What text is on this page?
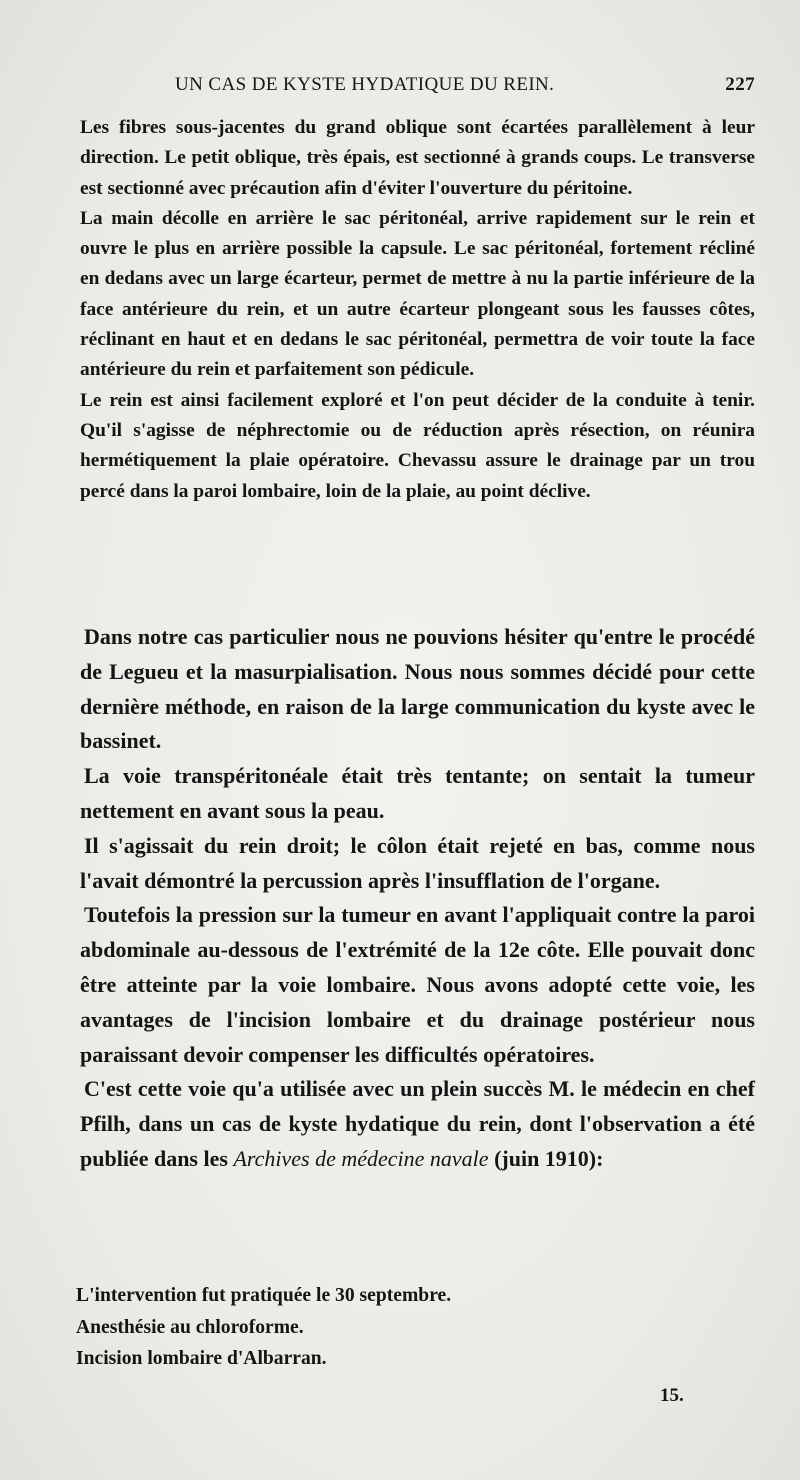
UN CAS DE KYSTE HYDATIQUE DU REIN.	227

Les fibres sous-jacentes du grand oblique sont écartées parallèlement à leur direction. Le petit oblique, très épais, est sectionné à grands coups. Le transverse est sectionné avec précaution afin d'éviter l'ouverture du péritoine.

La main décolle en arrière le sac péritonéal, arrive rapidement sur le rein et ouvre le plus en arrière possible la capsule. Le sac péritonéal, fortement récliné en dedans avec un large écarteur, permet de mettre à nu la partie inférieure de la face antérieure du rein, et un autre écarteur plongeant sous les fausses côtes, réclinant en haut et en dedans le sac péritonéal, permettra de voir toute la face antérieure du rein et parfaitement son pédicule.

Le rein est ainsi facilement exploré et l'on peut décider de la conduite à tenir. Qu'il s'agisse de néphrectomie ou de réduction après résection, on réunira hermétiquement la plaie opératoire. Chevassu assure le drainage par un trou percé dans la paroi lombaire, loin de la plaie, au point déclive.

Dans notre cas particulier nous ne pouvions hésiter qu'entre le procédé de Legueu et la masurpialisation. Nous nous sommes décidé pour cette dernière méthode, en raison de la large communication du kyste avec le bassinet.

La voie transpéritonéale était très tentante; on sentait la tumeur nettement en avant sous la peau.

Il s'agissait du rein droit; le côlon était rejeté en bas, comme nous l'avait démontré la percussion après l'insufflation de l'organe.

Toutefois la pression sur la tumeur en avant l'appliquait contre la paroi abdominale au-dessous de l'extrémité de la 12e côte. Elle pouvait donc être atteinte par la voie lombaire. Nous avons adopté cette voie, les avantages de l'incision lombaire et du drainage postérieur nous paraissant devoir compenser les difficultés opératoires.

C'est cette voie qu'a utilisée avec un plein succès M. le médecin en chef Pfilh, dans un cas de kyste hydatique du rein, dont l'observation a été publiée dans les Archives de médecine navale (juin 1910):

L'intervention fut pratiquée le 30 septembre.
Anesthésie au chloroforme.
Incision lombaire d'Albarran.
15.
